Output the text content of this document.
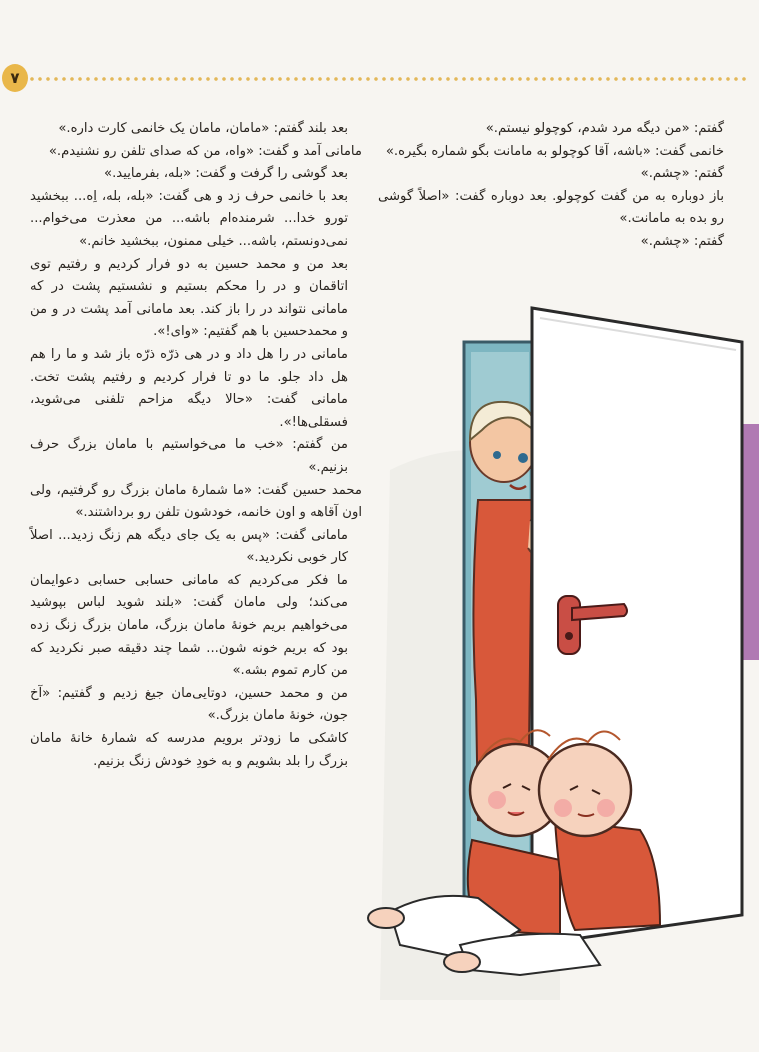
۷

گفتم: «من دیگه مرد شدم، کوچولو نیستم.»

خانمی گفت: «باشه، آقا کوچولو به مامانت بگو شماره بگیره.»

گفتم: «چشم.»

باز دوباره به من گفت کوچولو. بعد دوباره گفت: «اصلاً گوشی رو بده به مامانت.»

گفتم: «چشم.»

بعد بلند گفتم: «مامان، مامان یک خانمی کارت داره.»

مامانی آمد و گفت: «واه، من که صدای تلفن رو نشنیدم.»

بعد گوشی را گرفت و گفت: «بله، بفرمایید.»

بعد با خانمی حرف زد و هی گفت: «بله، بله، اِه... ببخشید تورو خدا... شرمنده‌ام باشه... من معذرت می‌خوام... نمی‌دونستم، باشه... خیلی ممنون، ببخشید خانم.»

بعد من و محمد حسین به دو فرار کردیم و رفتیم توی اتاقمان و در را محکم بستیم و نشستیم پشت در که مامانی نتواند در را باز کند. بعد مامانی آمد پشت در و من و محمدحسین با هم گفتیم: «وای!».

مامانی در را هل داد و در هی ذرّه ذرّه باز شد و ما را هم هل داد جلو. ما دو تا فرار کردیم و رفتیم پشت تخت. مامانی گفت: «حالا دیگه مزاحم تلفنی می‌شوید، فسقلی‌ها!».

من گفتم: «خب ما می‌خواستیم با مامان بزرگ حرف بزنیم.»

محمد حسین گفت: «ما شمارهٔ مامان بزرگ رو گرفتیم، ولی اون آقاهه و اون خانمه، خودشون تلفن رو برداشتند.»

مامانی گفت: «پس به یک جای دیگه هم زنگ زدید... اصلاً کار خوبی نکردید.»

ما فکر می‌کردیم که مامانی حسابی حسابی دعوایمان می‌کند؛ ولی مامان گفت: «بلند شوید لباس بپوشید می‌خواهیم بریم خونهٔ مامان بزرگ، مامان بزرگ زنگ زده بود که بریم خونه شون... شما چند دقیقه صبر نکردید که من کارم تموم بشه.»

من و محمد حسین، دوتایی‌مان جیغ زدیم و گفتیم: «آخ جون، خونهٔ مامان بزرگ.»

کاشکی ما زودتر برویم مدرسه که شمارهٔ خانهٔ مامان بزرگ را بلد بشویم و به خودِ خودش زنگ بزنیم.
